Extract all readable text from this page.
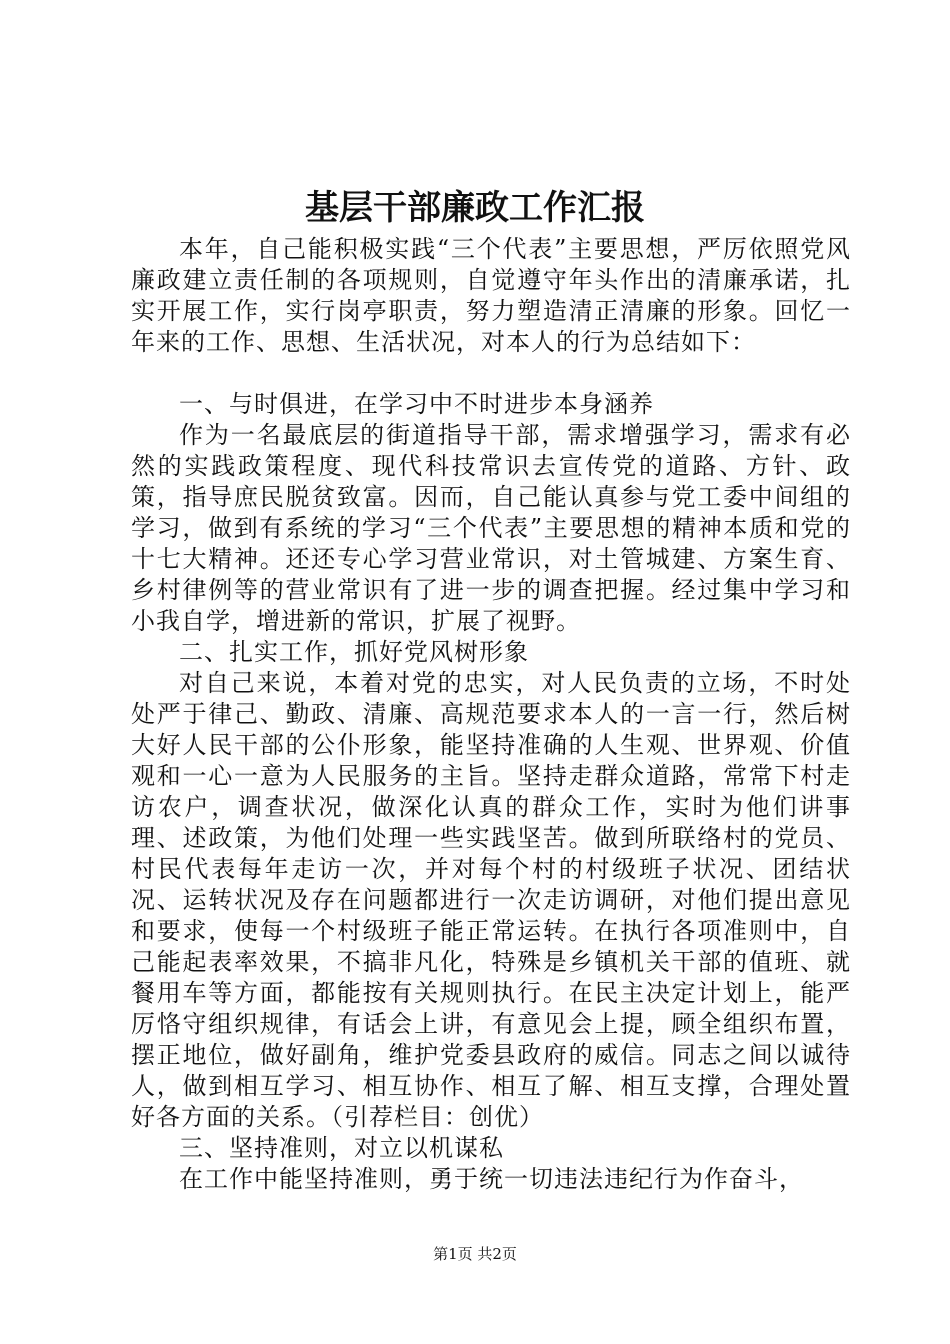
基层干部廉政工作汇报

本年，自己能积极实践“三个代表”主要思想，严厉依照党风廉政建立责任制的各项规则，自觉遵守年头作出的清廉承诺，扎实开展工作，实行岗亭职责，努力塑造清正清廉的形象。回忆一年来的工作、思想、生活状况，对本人的行为总结如下：

一、与时俱进，在学习中不时进步本身涵养

作为一名最底层的街道指导干部，需求增强学习，需求有必然的实践政策程度、现代科技常识去宣传党的道路、方针、政策，指导庶民脱贫致富。因而，自己能认真参与党工委中间组的学习，做到有系统的学习“三个代表”主要思想的精神本质和党的十七大精神。还还专心学习营业常识，对土管城建、方案生育、乡村律例等的营业常识有了进一步的调查把握。经过集中学习和小我自学，增进新的常识，扩展了视野。

二、扎实工作，抓好党风树形象

对自己来说，本着对党的忠实，对人民负责的立场，不时处处严于律己、勤政、清廉、高规范要求本人的一言一行，然后树大好人民干部的公仆形象，能坚持准确的人生观、世界观、价值观和一心一意为人民服务的主旨。坚持走群众道路，常常下村走访农户，调查状况，做深化认真的群众工作，实时为他们讲事理、述政策，为他们处理一些实践坚苦。做到所联络村的党员、村民代表每年走访一次，并对每个村的村级班子状况、团结状况、运转状况及存在问题都进行一次走访调研，对他们提出意见和要求，使每一个村级班子能正常运转。在执行各项准则中，自己能起表率效果，不搞非凡化，特殊是乡镇机关干部的值班、就餐用车等方面，都能按有关规则执行。在民主决定计划上，能严厉恪守组织规律，有话会上讲，有意见会上提，顾全组织布置，摆正地位，做好副角，维护党委县政府的威信。同志之间以诚待人，做到相互学习、相互协作、相互了解、相互支撑，合理处置好各方面的关系。（引荐栏目：创优）

三、坚持准则，对立以机谋私

在工作中能坚持准则，勇于统一切违法违纪行为作奋斗，

第1页 共2页
